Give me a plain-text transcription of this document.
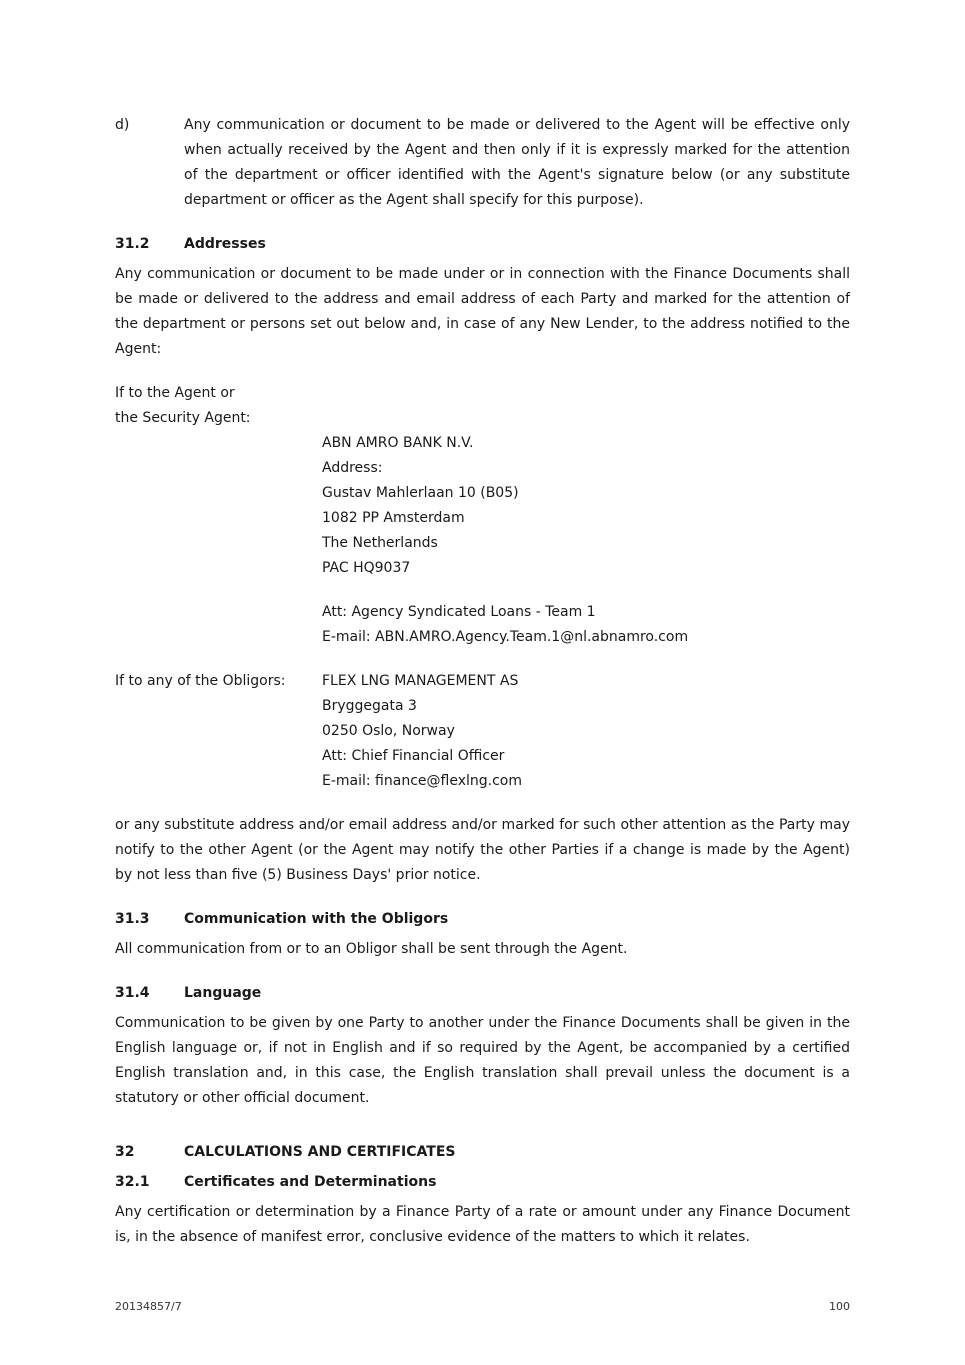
d)	Any communication or document to be made or delivered to the Agent will be effective only when actually received by the Agent and then only if it is expressly marked for the attention of the department or officer identified with the Agent's signature below (or any substitute department or officer as the Agent shall specify for this purpose).
31.2	Addresses

Any communication or document to be made under or in connection with the Finance Documents shall be made or delivered to the address and email address of each Party and marked for the attention of the department or persons set out below and, in case of any New Lender, to the address notified to the Agent:

If to the Agent or

the Security Agent:

ABN AMRO BANK N.V.

Address:

Gustav Mahlerlaan 10 (B05)

1082 PP Amsterdam

The Netherlands

PAC HQ9037

Att: Agency Syndicated Loans - Team 1

E-mail: ABN.AMRO.Agency.Team.1@nl.abnamro.com

If to any of the Obligors:	FLEX LNG MANAGEMENT AS

Bryggegata 3

0250 Oslo, Norway

Att: Chief Financial Officer

E-mail: finance@flexlng.com

or any substitute address and/or email address and/or marked for such other attention as the Party may notify to the other Agent (or the Agent may notify the other Parties if a change is made by the Agent) by not less than five (5) Business Days' prior notice.

31.3	Communication with the Obligors

All communication from or to an Obligor shall be sent through the Agent.

31.4	Language

Communication to be given by one Party to another under the Finance Documents shall be given in the English language or, if not in English and if so required by the Agent, be accompanied by a certified English translation and, in this case, the English translation shall prevail unless the document is a statutory or other official document.

32	CALCULATIONS AND CERTIFICATES
32.1	Certificates and Determinations

Any certification or determination by a Finance Party of a rate or amount under any Finance Document is, in the absence of manifest error, conclusive evidence of the matters to which it relates.

20134857/7	100
